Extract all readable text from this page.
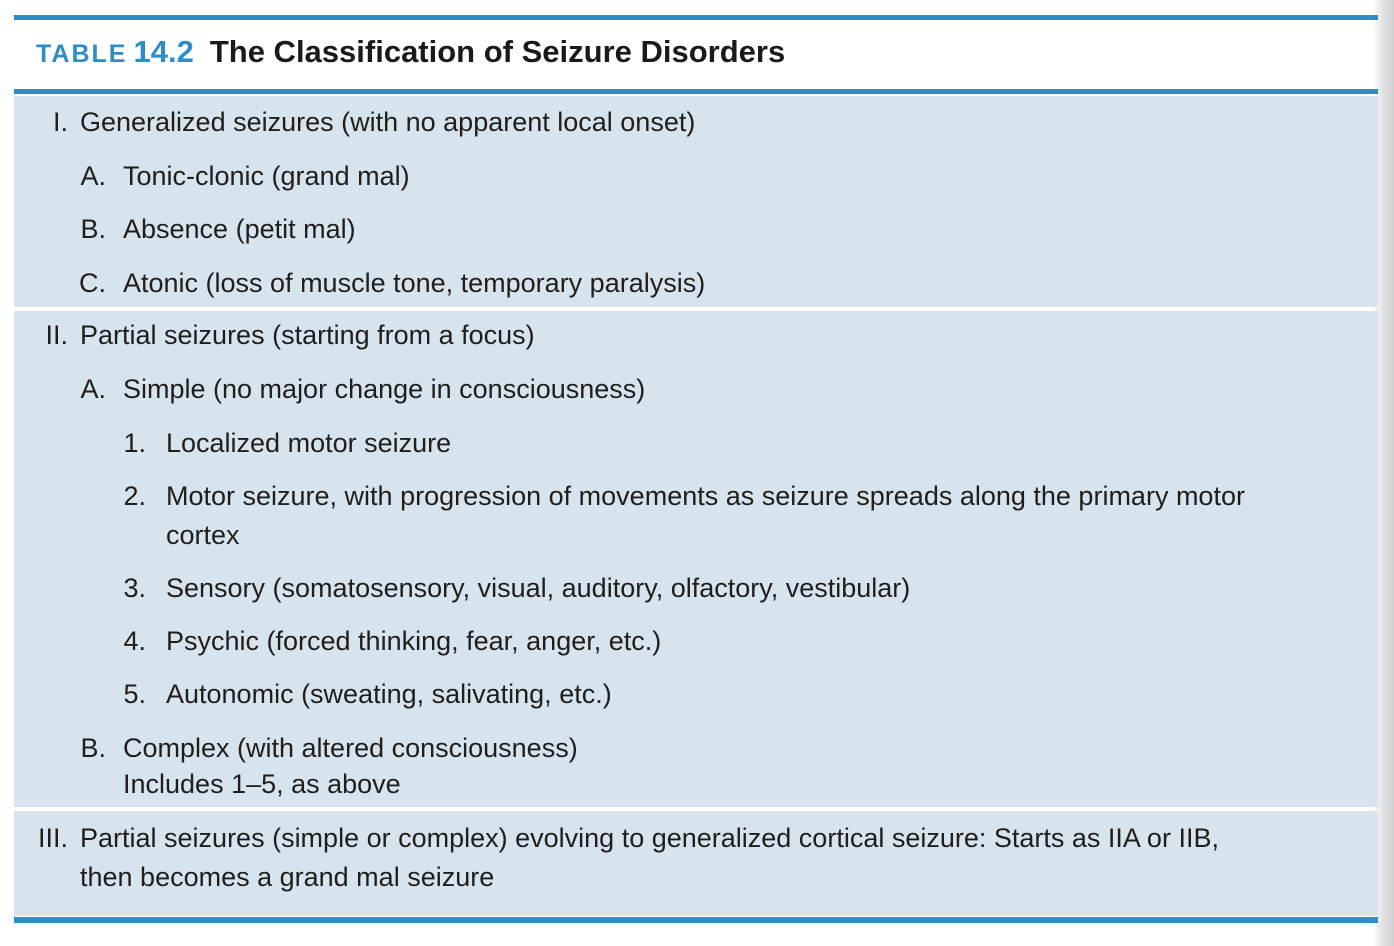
TABLE 14.2 The Classification of Seizure Disorders
I. Generalized seizures (with no apparent local onset)
A. Tonic-clonic (grand mal)
B. Absence (petit mal)
C. Atonic (loss of muscle tone, temporary paralysis)
II. Partial seizures (starting from a focus)
A. Simple (no major change in consciousness)
1. Localized motor seizure
2. Motor seizure, with progression of movements as seizure spreads along the primary motor
cortex
3. Sensory (somatosensory, visual, auditory, olfactory, vestibular)
4. Psychic (forced thinking, fear, anger, etc.)
5. Autonomic (sweating, salivating, etc.)
B. Complex (with altered consciousness)
Includes 1–5, as above
III. Partial seizures (simple or complex) evolving to generalized cortical seizure: Starts as IIA or IIB,
then becomes a grand mal seizure
